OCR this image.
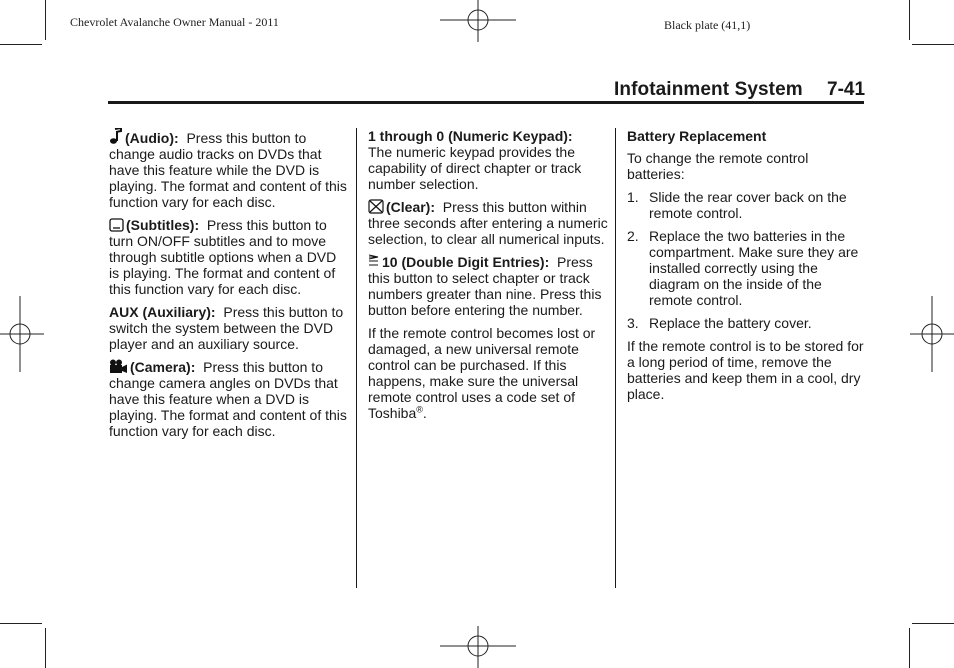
Chevrolet Avalanche Owner Manual - 2011	Black plate (41,1)
Infotainment System 7-41

(Audio): Press this button to change audio tracks on DVDs that have this feature while the DVD is playing. The format and content of this function vary for each disc.

(Subtitles): Press this button to turn ON/OFF subtitles and to move through subtitle options when a DVD is playing. The format and content of this function vary for each disc.

AUX (Auxiliary): Press this button to switch the system between the DVD player and an auxiliary source.

(Camera): Press this button to change camera angles on DVDs that have this feature when a DVD is playing. The format and content of this function vary for each disc.

1 through 0 (Numeric Keypad):
The numeric keypad provides the capability of direct chapter or track number selection.

(Clear): Press this button within three seconds after entering a numeric selection, to clear all numerical inputs.

10 (Double Digit Entries): Press this button to select chapter or track numbers greater than nine. Press this button before entering the number.

If the remote control becomes lost or damaged, a new universal remote control can be purchased. If this happens, make sure the universal remote control uses a code set of Toshiba®.

Battery Replacement

To change the remote control batteries:

1. Slide the rear cover back on the remote control.
2. Replace the two batteries in the compartment. Make sure they are installed correctly using the diagram on the inside of the remote control.
3. Replace the battery cover.

If the remote control is to be stored for a long period of time, remove the batteries and keep them in a cool, dry place.
